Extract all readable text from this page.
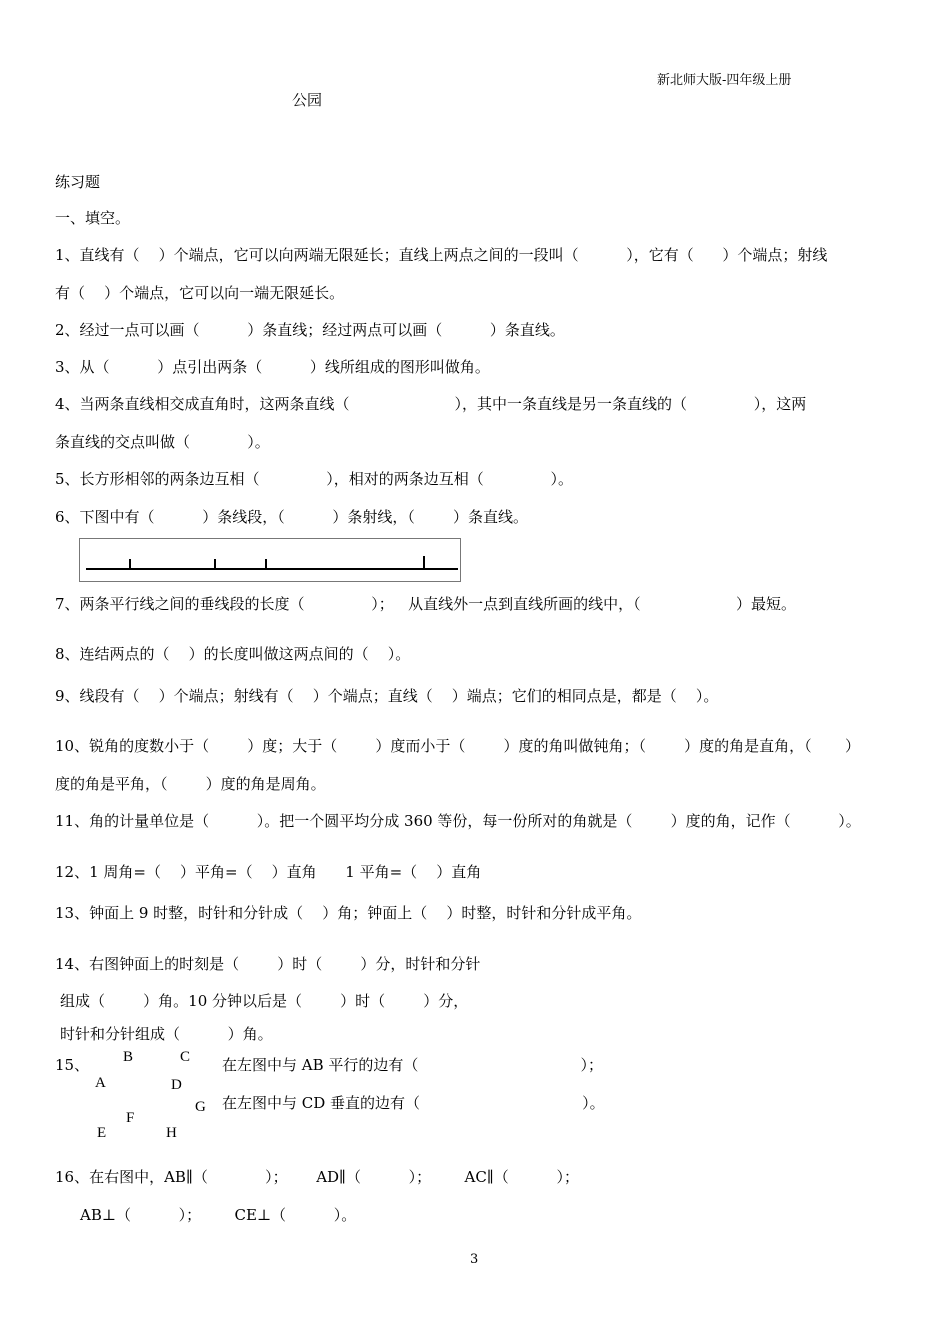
新北师大版-四年级上册
公园
练习题
一、填空。
1、直线有（    ）个端点，它可以向两端无限延长；直线上两点之间的一段叫（          ），它有（      ）个端点；射线
有（    ）个端点，它可以向一端无限延长。
2、经过一点可以画（          ）条直线；经过两点可以画（          ）条直线。
3、从（          ）点引出两条（          ）线所组成的图形叫做角。
4、当两条直线相交成直角时，这两条直线（                      ），其中一条直线是另一条直线的（              ），这两
条直线的交点叫做（            ）。
5、长方形相邻的两条边互相（              ），相对的两条边互相（              ）。
6、下图中有（          ）条线段，（          ）条射线，（        ）条直线。
7、两条平行线之间的垂线段的长度（              ）；   从直线外一点到直线所画的线中，（                    ）最短。
8、连结两点的（    ）的长度叫做这两点间的（    ）。
9、线段有（    ）个端点；射线有（    ）个端点；直线（    ）端点；它们的相同点是，都是（    ）。
10、锐角的度数小于（        ）度；大于（        ）度而小于（        ）度的角叫做钝角；（        ）度的角是直角，（       ）
度的角是平角，（        ）度的角是周角。
11、角的计量单位是（          ）。把一个圆平均分成 360 等份，每一份所对的角就是（        ）度的角，记作（          ）。
12、1 周角=（    ）平角=（    ）直角      1 平角=（    ）直角
13、钟面上 9 时整，时针和分针成（    ）角；钟面上（    ）时整，时针和分针成平角。
14、右图钟面上的时刻是（        ）时（        ）分，时针和分针
组成（        ）角。10 分钟以后是（        ）时（        ）分，
时针和分针组成（          ）角。
15、 B	C
A	D
G
F
E	H
在左图中与 AB 平行的边有（                                  ）；
在左图中与 CD 垂直的边有（                                  ）。
16、在右图中，AB∥（            ）；      AD∥（          ）；       AC∥（          ）；
AB⊥（          ）；       CE⊥（          ）。
3
